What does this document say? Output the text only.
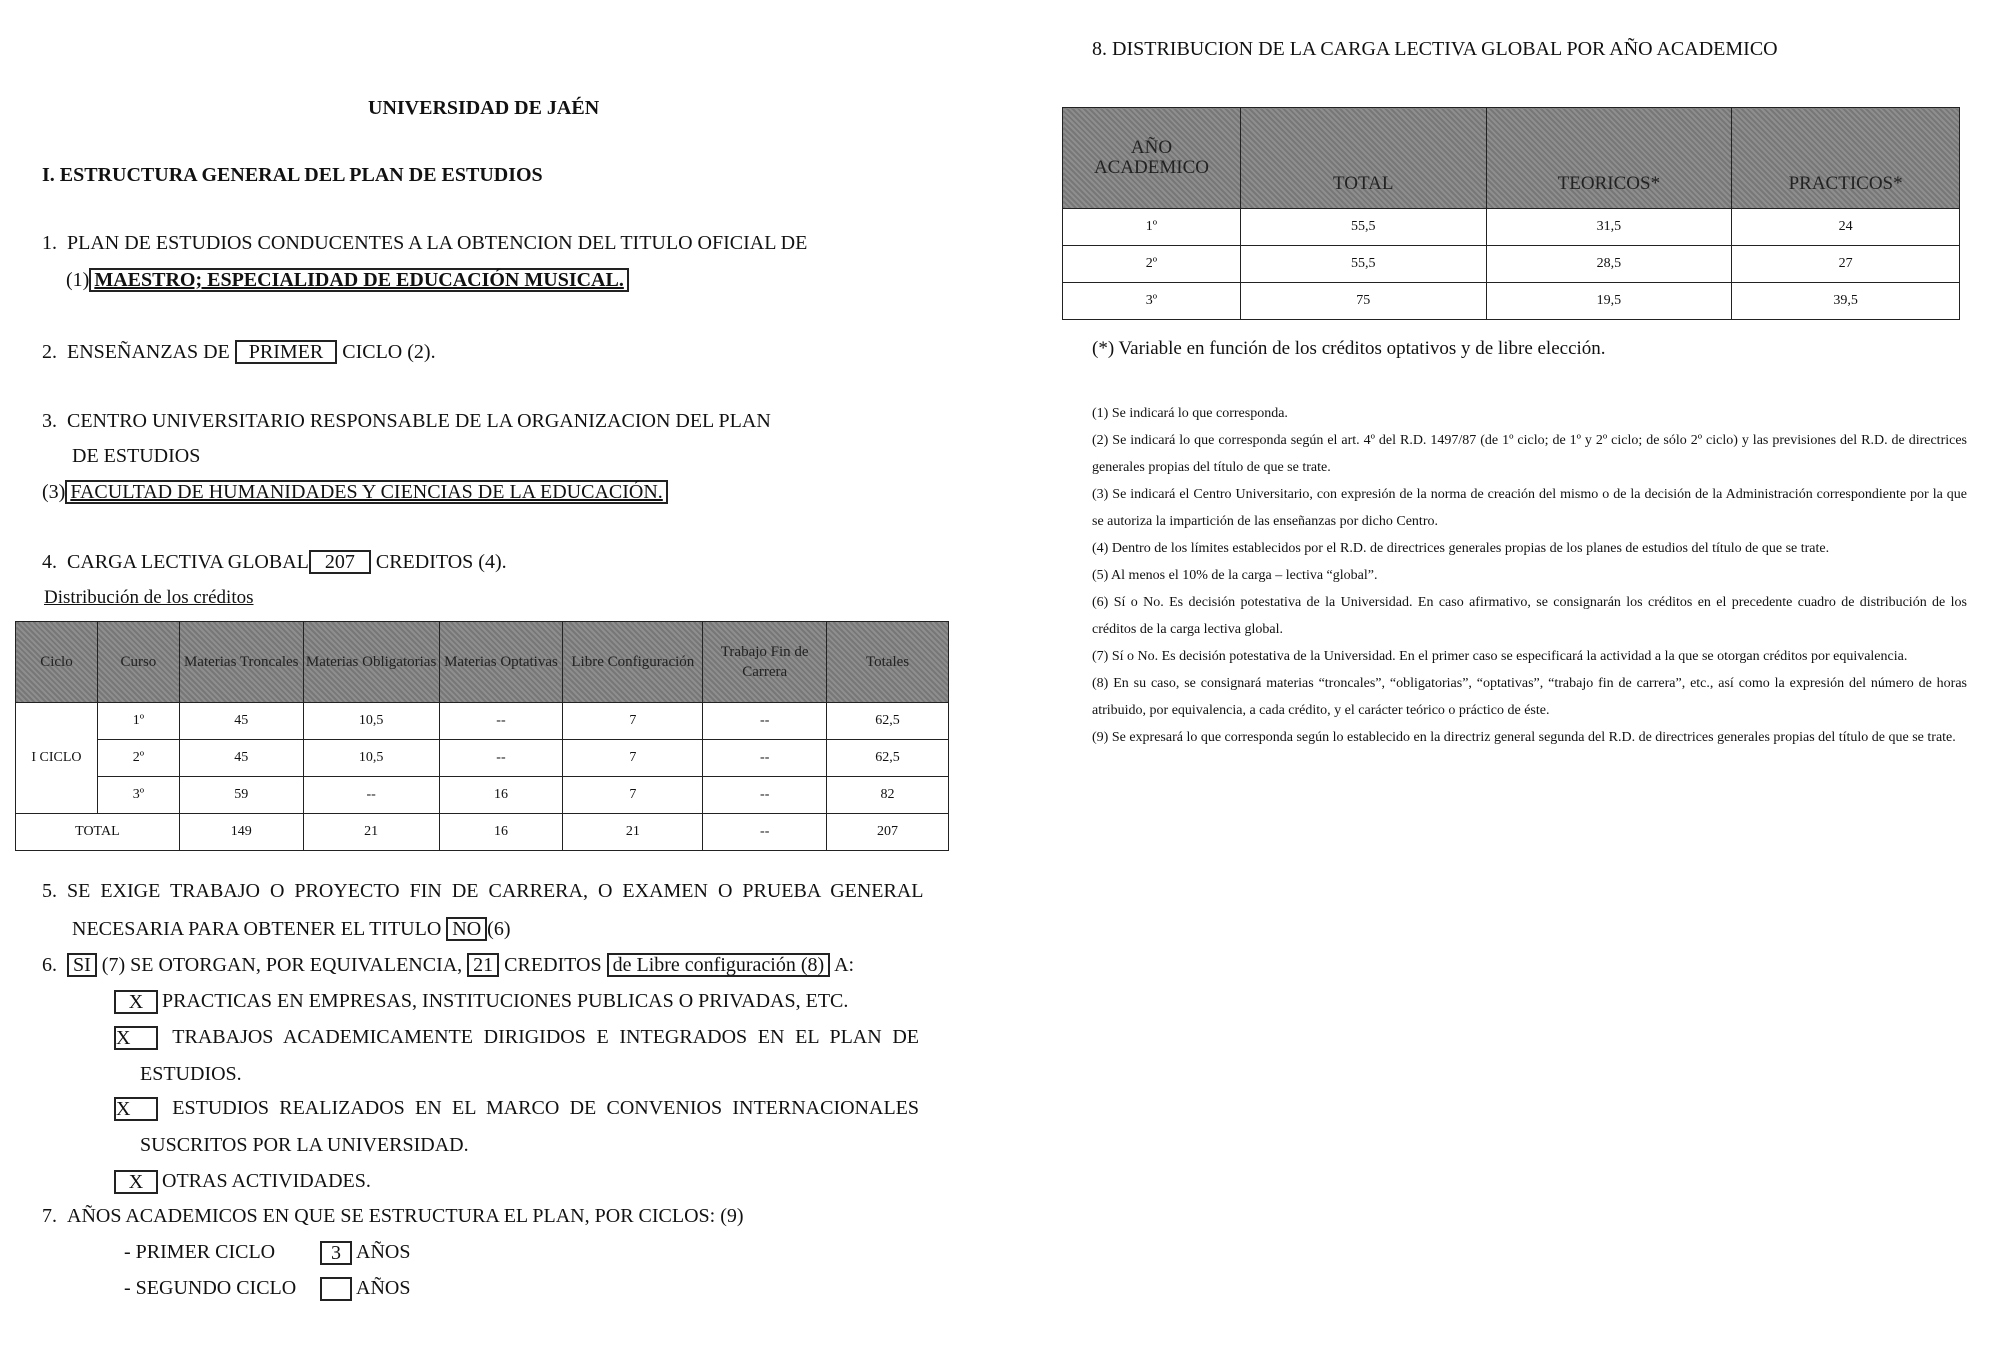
UNIVERSIDAD DE JAÉN
I. ESTRUCTURA GENERAL DEL PLAN DE ESTUDIOS
1. PLAN DE ESTUDIOS CONDUCENTES A LA OBTENCION DEL TITULO OFICIAL DE
(1) MAESTRO; ESPECIALIDAD DE EDUCACIÓN MUSICAL.
2. ENSEÑANZAS DE PRIMER CICLO (2).
3. CENTRO UNIVERSITARIO RESPONSABLE DE LA ORGANIZACION DEL PLAN
DE ESTUDIOS
(3) FACULTAD DE HUMANIDADES Y CIENCIAS DE LA EDUCACIÓN.
4. CARGA LECTIVA GLOBAL 207 CREDITOS (4).
Distribución de los créditos
Ciclo	Curso	Materias Troncales	Materias Obligatorias	Materias Optativas	Libre Configuración	Trabajo Fin de Carrera	Totales
I CICLO	1º	45	10,5	--	7	--	62,5
	2º	45	10,5	--	7	--	62,5
	3º	59	--	16	7	--	82
TOTAL		149	21	16	21	--	207
5. SE EXIGE TRABAJO O PROYECTO FIN DE CARRERA, O EXAMEN O PRUEBA GENERAL
NECESARIA PARA OBTENER EL TITULO NO (6)
6. SI (7) SE OTORGAN, POR EQUIVALENCIA, 21 CREDITOS de Libre configuración (8) A:
X PRACTICAS EN EMPRESAS, INSTITUCIONES PUBLICAS O PRIVADAS, ETC.
X TRABAJOS ACADEMICAMENTE DIRIGIDOS E INTEGRADOS EN EL PLAN DE
ESTUDIOS.
X ESTUDIOS REALIZADOS EN EL MARCO DE CONVENIOS INTERNACIONALES
SUSCRITOS POR LA UNIVERSIDAD.
X OTRAS ACTIVIDADES.
7. AÑOS ACADEMICOS EN QUE SE ESTRUCTURA EL PLAN, POR CICLOS: (9)
- PRIMER CICLO	3 AÑOS
- SEGUNDO CICLO	AÑOS
8. DISTRIBUCION DE LA CARGA LECTIVA GLOBAL POR AÑO ACADEMICO
AÑO ACADEMICO	TOTAL	TEORICOS*	PRACTICOS*
1º	55,5	31,5	24
2º	55,5	28,5	27
3º	75	19,5	39,5
(*) Variable en función de los créditos optativos y de libre elección.

(1) Se indicará lo que corresponda.

(2) Se indicará lo que corresponda según el art. 4º del R.D. 1497/87 (de 1º ciclo; de 1º y 2º ciclo; de sólo 2º ciclo) y las previsiones del R.D. de directrices generales propias del título de que se trate.

(3) Se indicará el Centro Universitario, con expresión de la norma de creación del mismo o de la decisión de la Administración correspondiente por la que se autoriza la impartición de las enseñanzas por dicho Centro.

(4) Dentro de los límites establecidos por el R.D. de directrices generales propias de los planes de estudios del título de que se trate.

(5) Al menos el 10% de la carga – lectiva “global”.

(6) Sí o No. Es decisión potestativa de la Universidad. En caso afirmativo, se consignarán los créditos en el precedente cuadro de distribución de los créditos de la carga lectiva global.

(7) Sí o No. Es decisión potestativa de la Universidad. En el primer caso se especificará la actividad a la que se otorgan créditos por equivalencia.

(8) En su caso, se consignará materias “troncales”, “obligatorias”, “optativas”, “trabajo fin de carrera”, etc., así como la expresión del número de horas atribuido, por equivalencia, a cada crédito, y el carácter teórico o práctico de éste.

(9) Se expresará lo que corresponda según lo establecido en la directriz general segunda del R.D. de directrices generales propias del título de que se trate.
